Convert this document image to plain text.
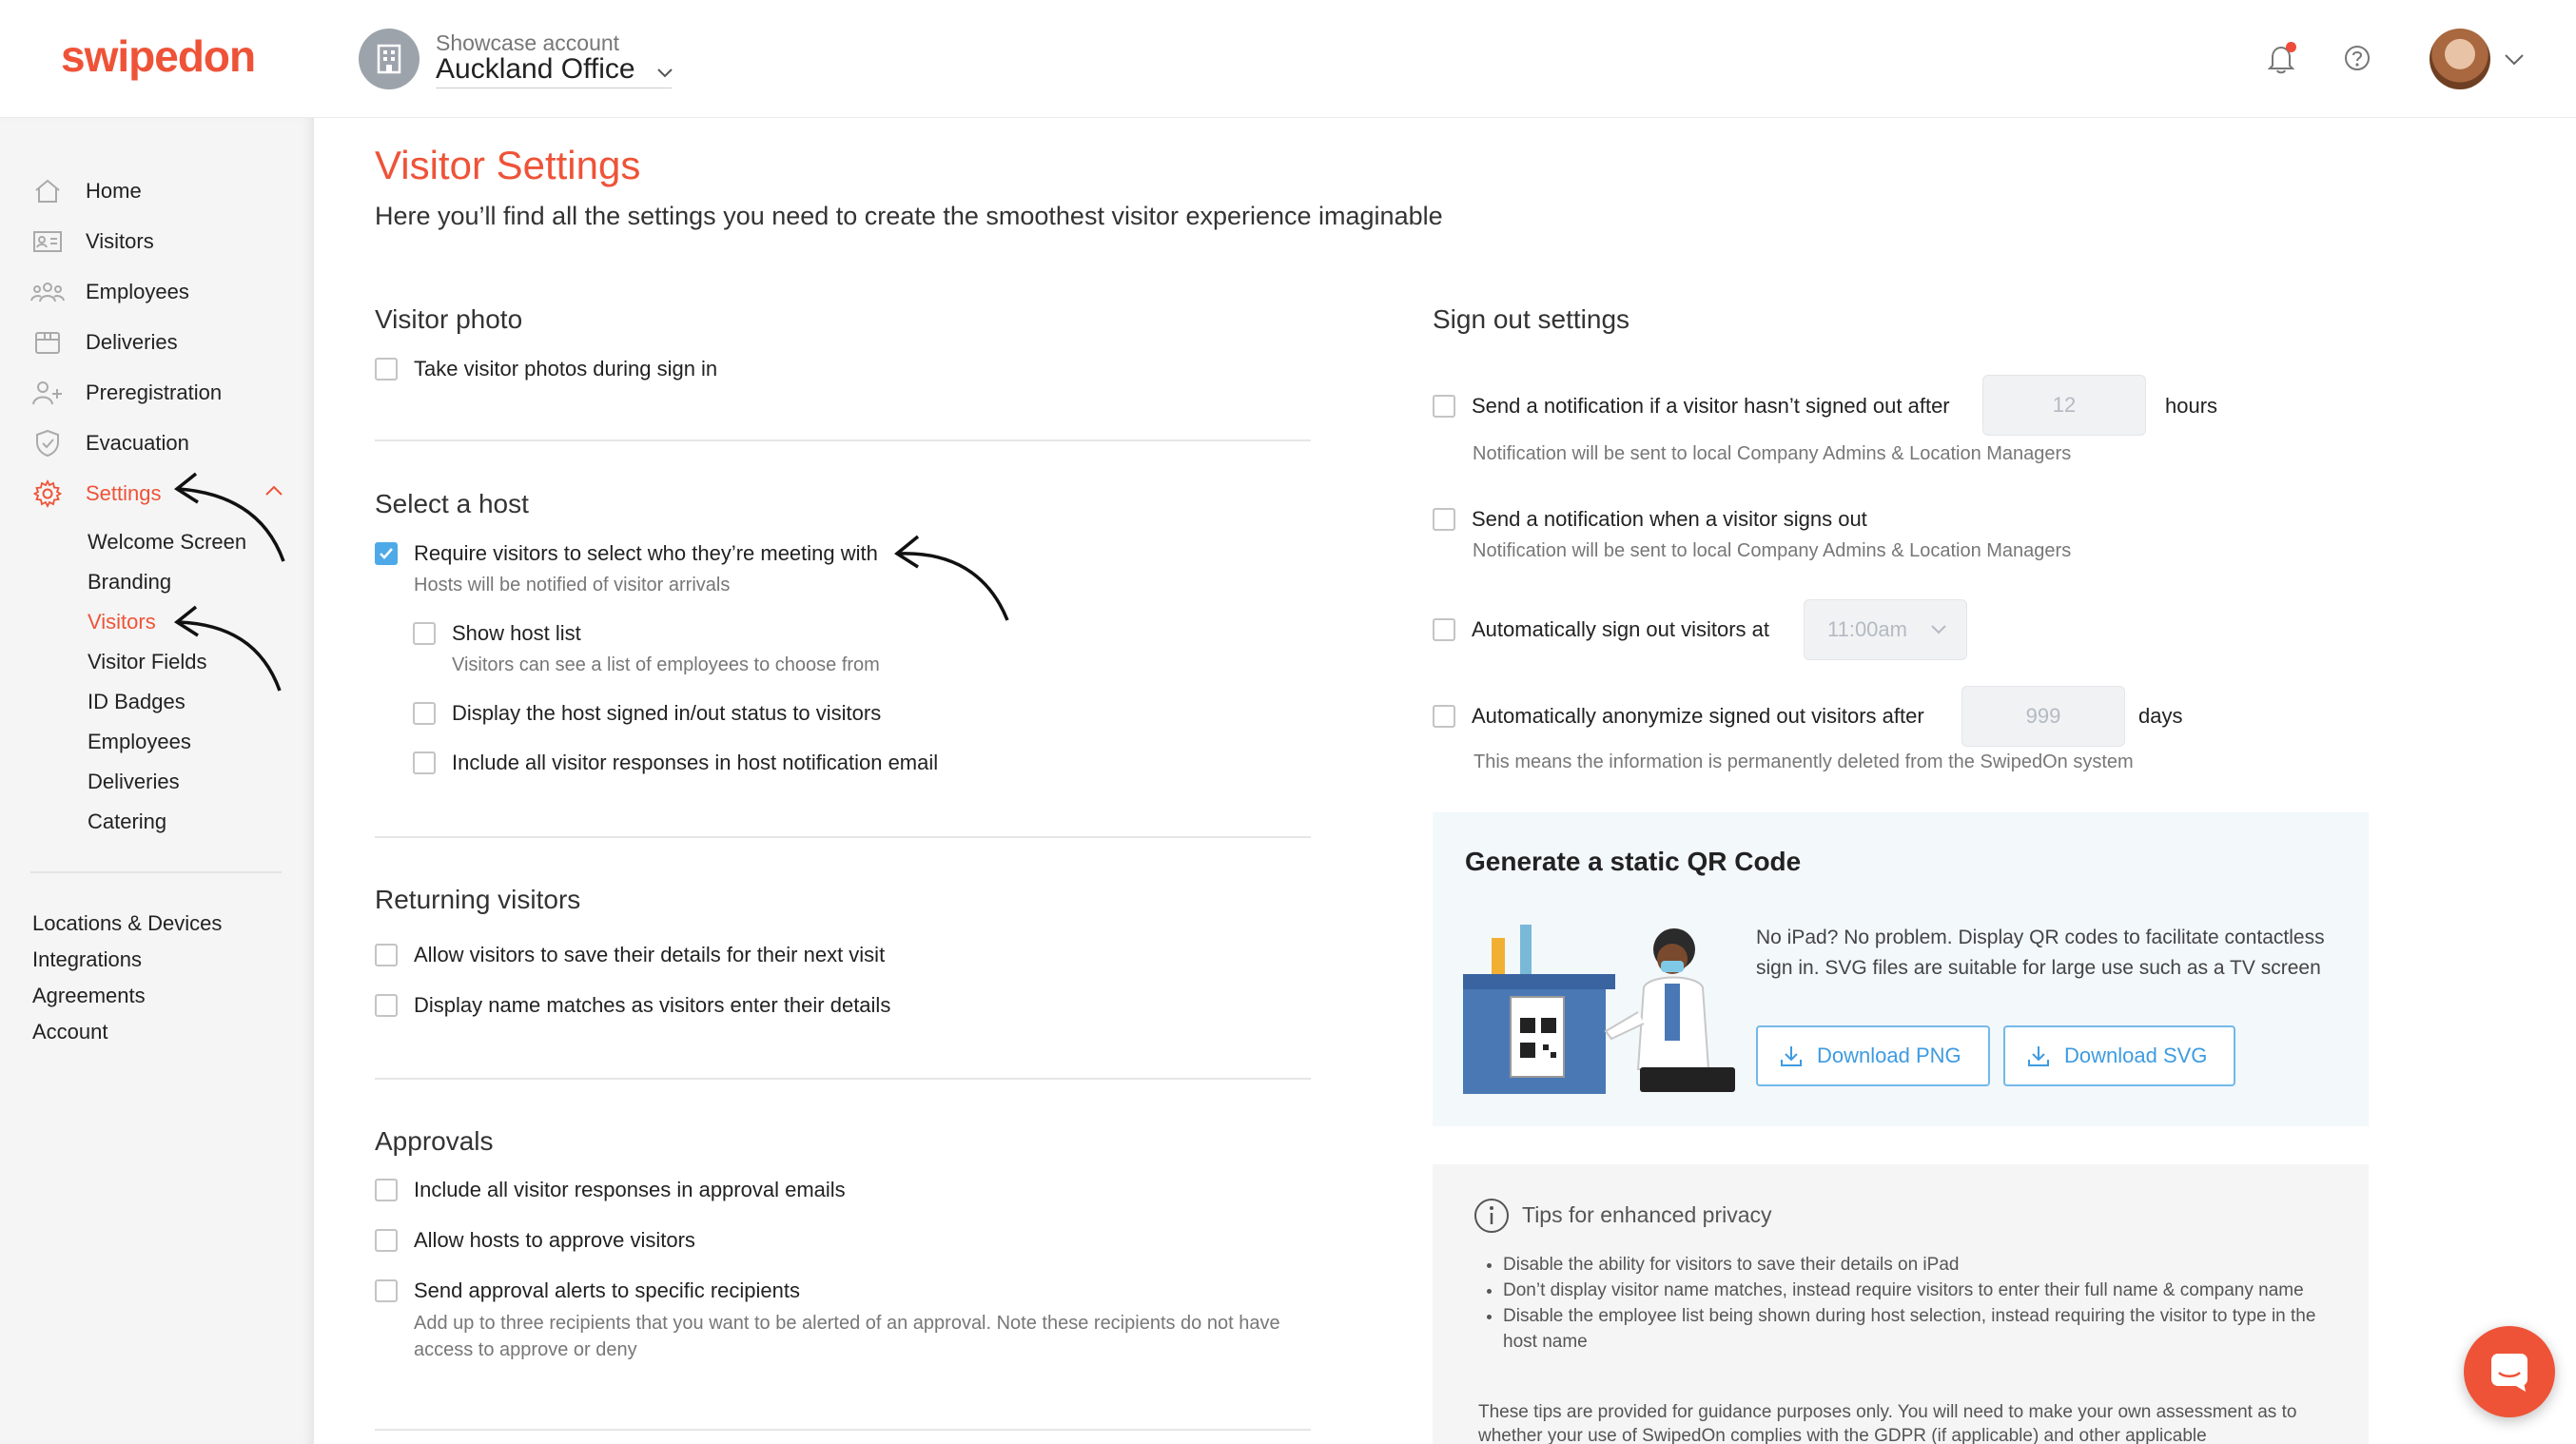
swipedon	Showcase account
Auckland Office
Home
Visitors
Employees
Deliveries
Preregistration
Evacuation
Settings
Welcome Screen
Branding
Visitors
Visitor Fields
ID Badges
Employees
Deliveries
Catering
Locations & Devices
Integrations
Agreements
Account
Visitor Settings
Here you’ll find all the settings you need to create the smoothest visitor experience imaginable
Visitor photo
Take visitor photos during sign in
Select a host
Require visitors to select who they’re meeting with
Hosts will be notified of visitor arrivals
Show host list
Visitors can see a list of employees to choose from
Display the host signed in/out status to visitors
Include all visitor responses in host notification email
Returning visitors
Allow visitors to save their details for their next visit
Display name matches as visitors enter their details
Approvals
Include all visitor responses in approval emails
Allow hosts to approve visitors
Send approval alerts to specific recipients
Add up to three recipients that you want to be alerted of an approval. Note these recipients do not have access to approve or deny
Sign out settings
Send a notification if a visitor hasn’t signed out after	12	hours
Notification will be sent to local Company Admins & Location Managers
Send a notification when a visitor signs out
Notification will be sent to local Company Admins & Location Managers
Automatically sign out visitors at	11:00am
Automatically anonymize signed out visitors after	999	days
This means the information is permanently deleted from the SwipedOn system
Generate a static QR Code
No iPad? No problem. Display QR codes to facilitate contactless sign in. SVG files are suitable for large use such as a TV screen
Download PNG	Download SVG
Tips for enhanced privacy
• Disable the ability for visitors to save their details on iPad
• Don’t display visitor name matches, instead require visitors to enter their full name & company name
• Disable the employee list being shown during host selection, instead requiring the visitor to type in the host name
These tips are provided for guidance purposes only. You will need to make your own assessment as to whether your use of SwipedOn complies with the GDPR (if applicable) and other applicable
